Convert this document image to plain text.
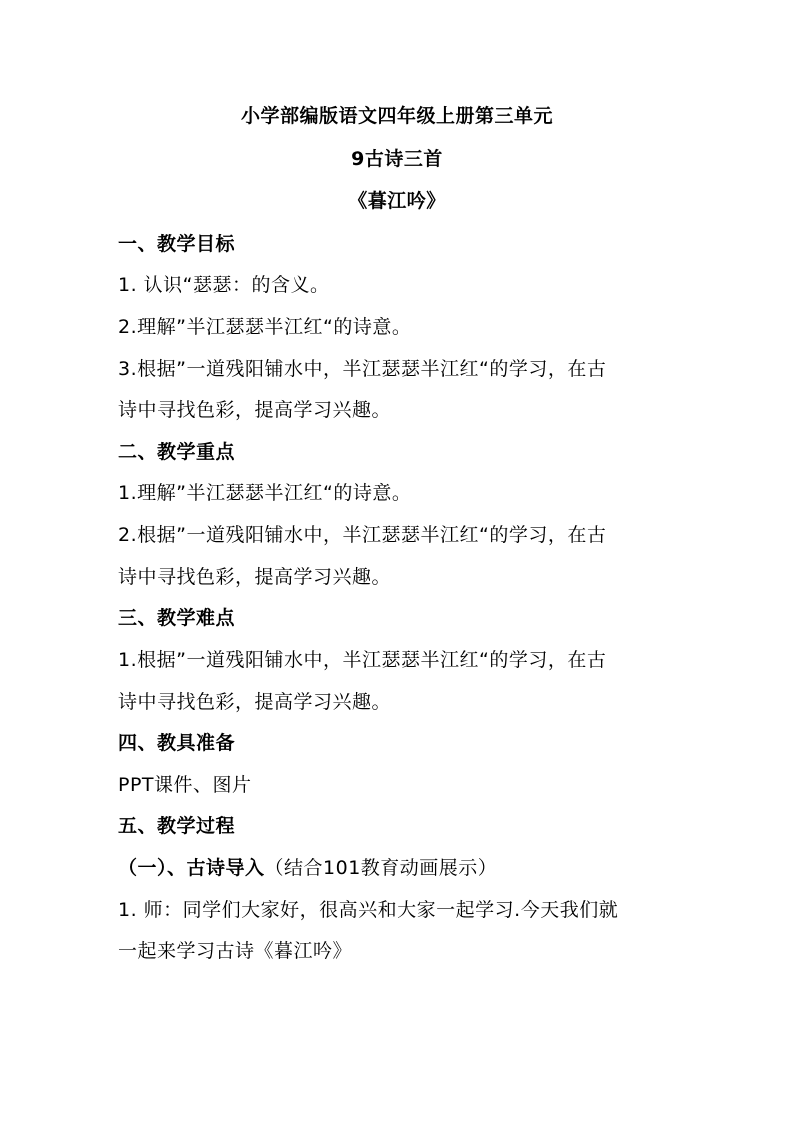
小学部编版语文四年级上册第三单元
9古诗三首
《暮江吟》
一、教学目标
1. 认识“瑟瑟：的含义。
2.理解”半江瑟瑟半江红“的诗意。
3.根据”一道残阳铺水中，半江瑟瑟半江红“的学习，在古
诗中寻找色彩，提高学习兴趣。
二、教学重点
1.理解”半江瑟瑟半江红“的诗意。
2.根据”一道残阳铺水中，半江瑟瑟半江红“的学习，在古
诗中寻找色彩，提高学习兴趣。
三、教学难点
1.根据”一道残阳铺水中，半江瑟瑟半江红“的学习，在古
诗中寻找色彩，提高学习兴趣。
四、教具准备
PPT课件、图片
五、教学过程
（一）、古诗导入（结合101教育动画展示）
1. 师：同学们大家好，很高兴和大家一起学习.今天我们就
一起来学习古诗《暮江吟》
